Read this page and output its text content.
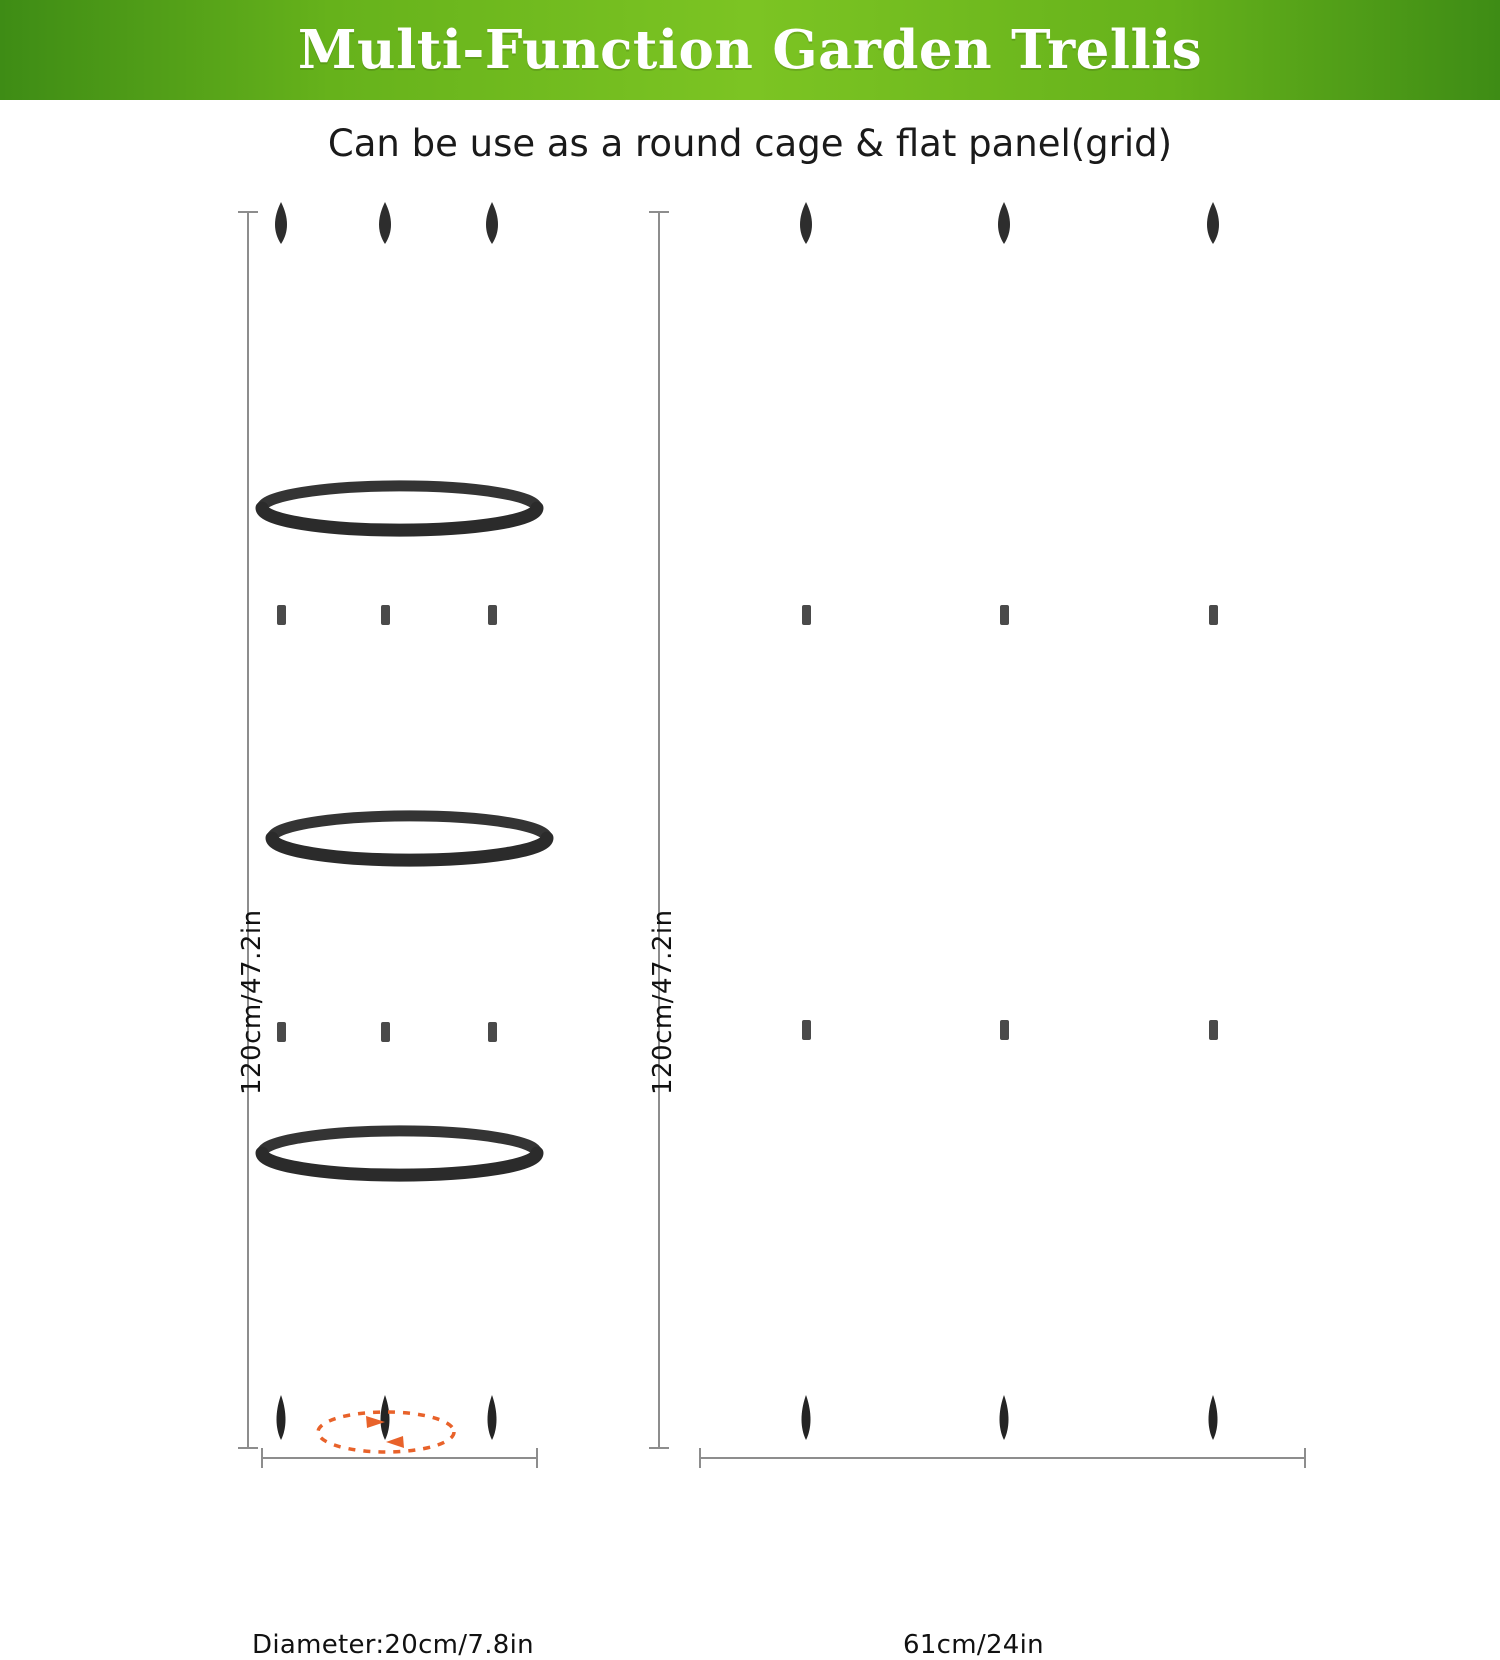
Multi-Function Garden Trellis
Can be use as a round cage & flat panel(grid)
120cm/47.2in	120cm/47.2in
Diameter:20cm/7.8in	61cm/24in
